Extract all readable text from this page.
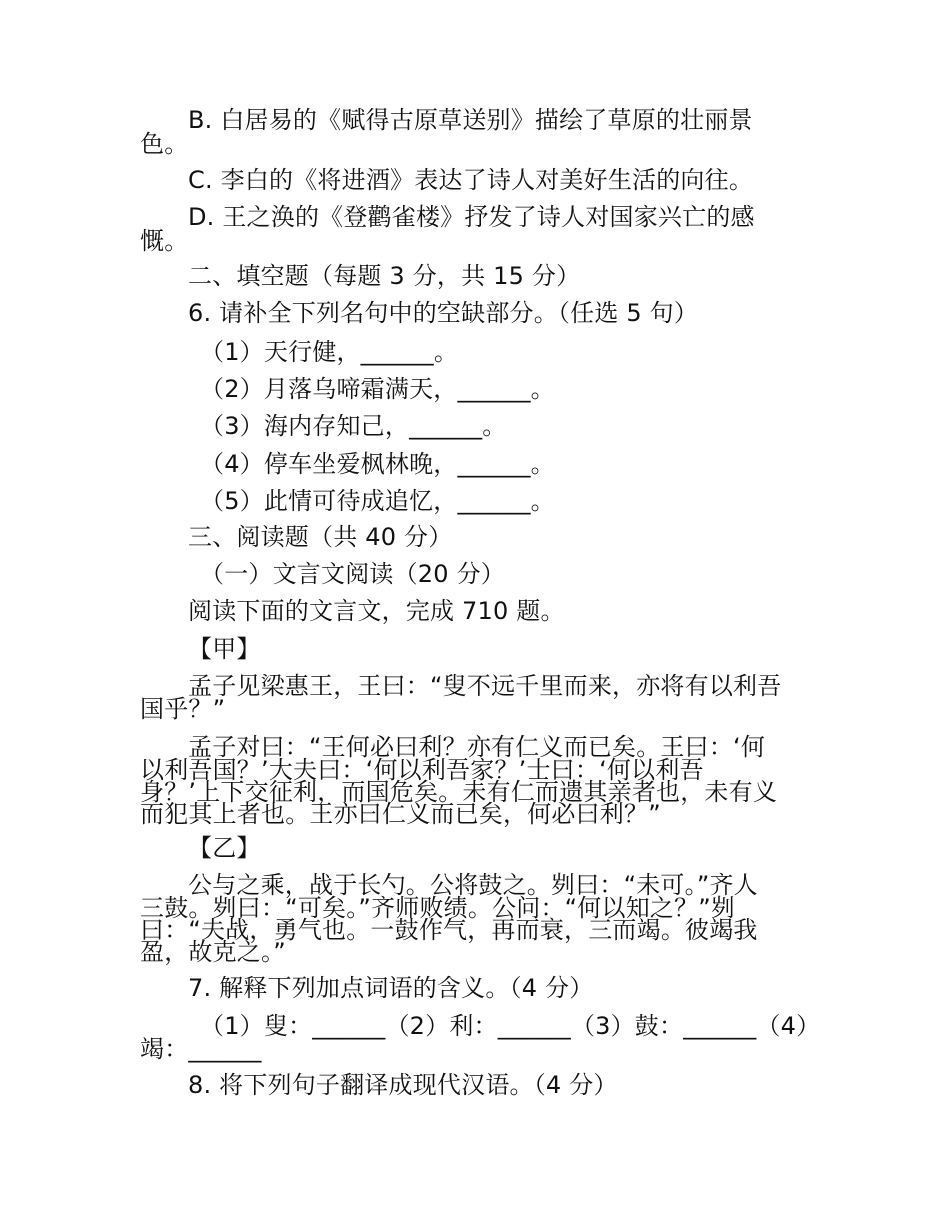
B. 白居易的《赋得古原草送别》描绘了草原的壮丽景
色。
C. 李白的《将进酒》表达了诗人对美好生活的向往。
D. 王之涣的《登鹳雀楼》抒发了诗人对国家兴亡的感
慨。
二、填空题（每题 3 分，共 15 分）
6. 请补全下列名句中的空缺部分。（任选 5 句）
（1）天行健，______。
（2）月落乌啼霜满天，______。
（3）海内存知己，______。
（4）停车坐爱枫林晚，______。
（5）此情可待成追忆，______。
三、阅读题（共 40 分）
（一）文言文阅读（20 分）
阅读下面的文言文，完成 710 题。
【甲】
孟子见梁惠王，王曰：“叟不远千里而来，亦将有以利吾
国乎？”
孟子对曰：“王何必曰利？亦有仁义而已矣。王曰：‘何
以利吾国？’大夫曰：‘何以利吾家？’士曰：‘何以利吾
身？’上下交征利，而国危矣。未有仁而遗其亲者也，未有义
而犯其上者也。王亦曰仁义而已矣，何必曰利？”
【乙】
公与之乘，战于长勺。公将鼓之。刿曰：“未可。”齐人
三鼓。刿曰：“可矣。”齐师败绩。公问：“何以知之？”刿
曰：“夫战，勇气也。一鼓作气，再而衰，三而竭。彼竭我
盈，故克之。”
7. 解释下列加点词语的含义。（4 分）
（1）叟：______（2）利：______（3）鼓：______（4）
竭：______
8. 将下列句子翻译成现代汉语。（4 分）
